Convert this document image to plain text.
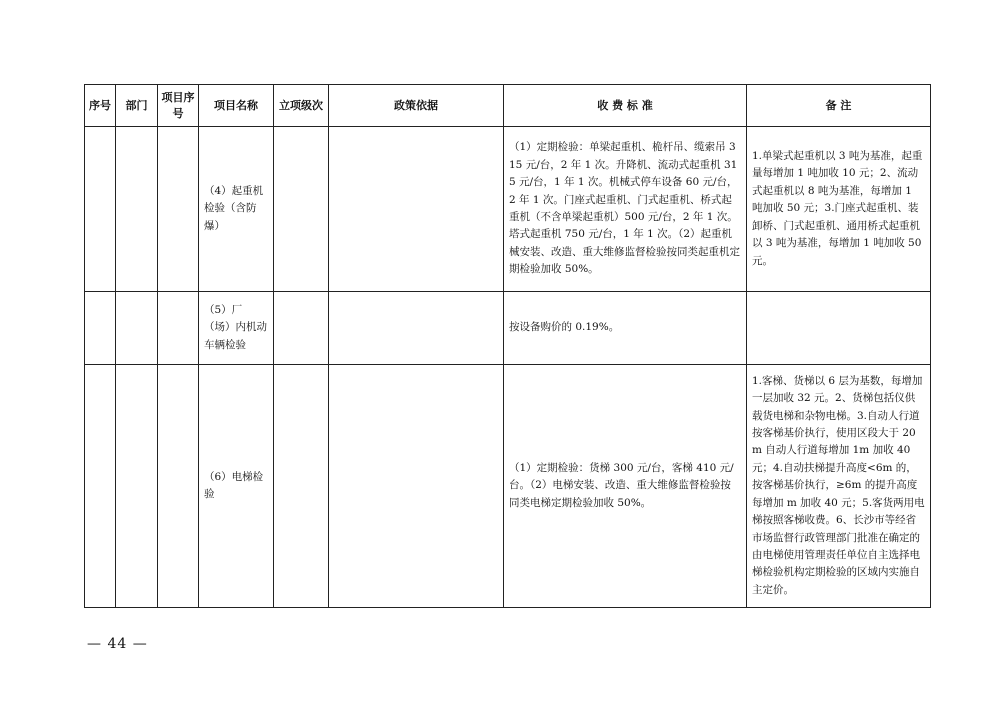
序号	部门	项目序号	项目名称	立项级次	政策依据	收 费 标 准	备 注
			（4）起重机检验（含防爆）			（1）定期检验：单梁起重机、桅杆吊、缆索吊 315 元/台，2 年 1 次。升降机、流动式起重机 315 元/台，1 年 1 次。机械式停车设备 60 元/台，2 年 1 次。门座式起重机、门式起重机、桥式起重机（不含单梁起重机）500 元/台，2 年 1 次。塔式起重机 750 元/台，1 年 1 次。（2）起重机械安装、改造、重大维修监督检验按同类起重机定期检验加收 50%。	1.单梁式起重机以 3 吨为基准，起重量每增加 1 吨加收 10 元；2、流动式起重机以 8 吨为基准，每增加 1 吨加收 50 元；3.门座式起重机、装卸桥、门式起重机、通用桥式起重机以 3 吨为基准，每增加 1 吨加收 50 元。
			（5）厂（场）内机动车辆检验			按设备购价的 0.19%。	
			（6）电梯检验			（1）定期检验：货梯 300 元/台，客梯 410 元/台。（2）电梯安装、改造、重大维修监督检验按同类电梯定期检验加收 50%。	1.客梯、货梯以 6 层为基数，每增加一层加收 32 元。2、货梯包括仪供载货电梯和杂物电梯。3.自动人行道按客梯基价执行，使用区段大于 20m 自动人行道每增加 1m 加收 40 元；4.自动扶梯提升高度<6m 的，按客梯基价执行，≥6m 的提升高度每增加 m 加收 40 元；5.客货两用电梯按照客梯收费。6、长沙市等经省市场监督行政管理部门批准在确定的由电梯使用管理责任单位自主选择电梯检验机构定期检验的区域内实施自主定价。
— 44 —
